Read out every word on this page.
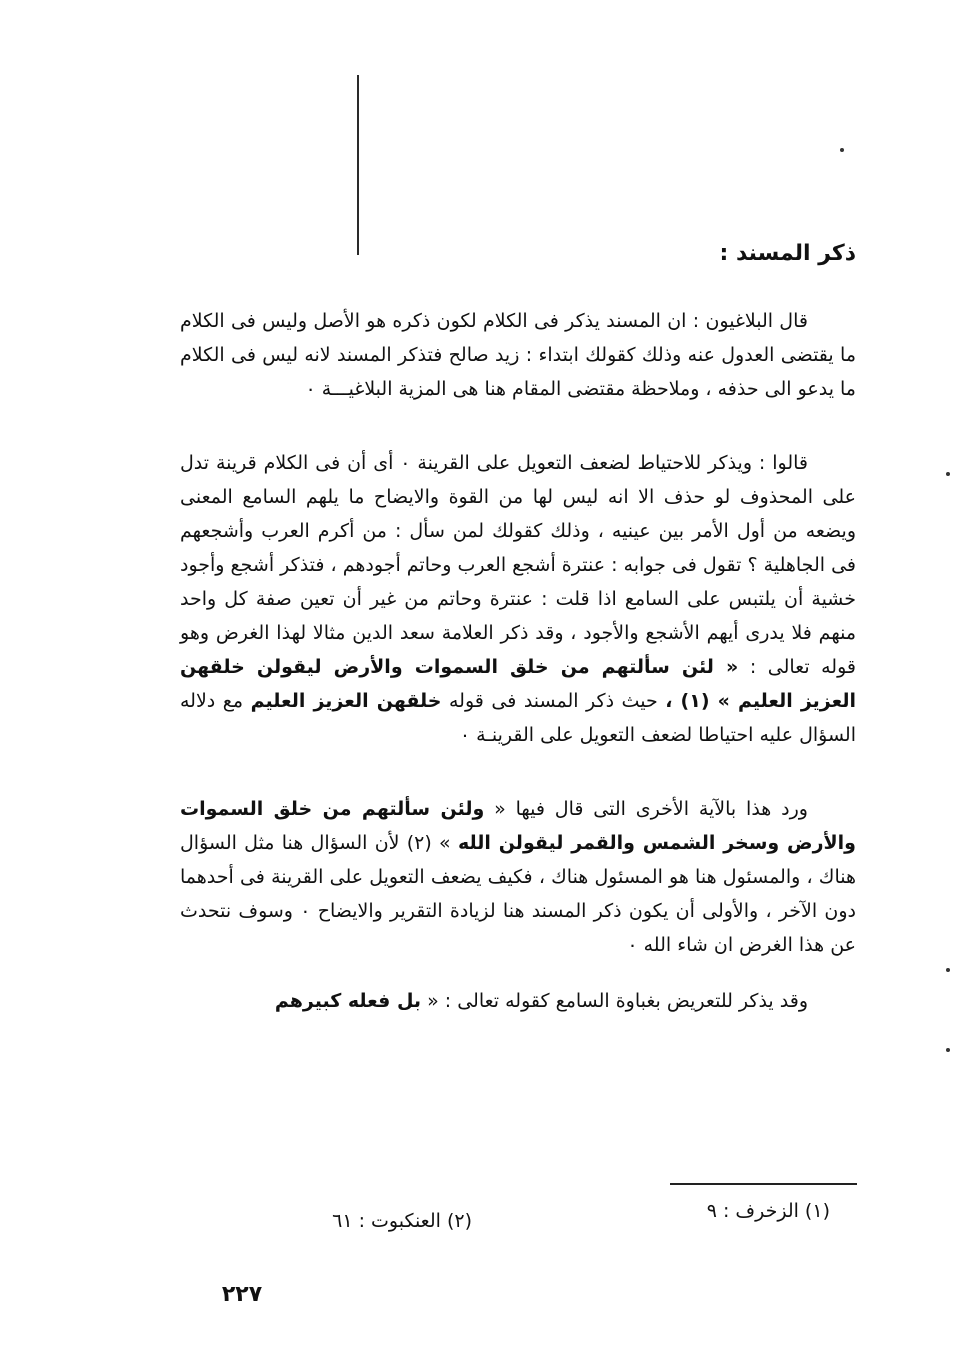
ذكر المسند :

قال البلاغيون : ان المسند يذكر فى الكلام لكون ذكره هو الأصل وليس فى الكلام ما يقتضى العدول عنه وذلك كقولك ابتداء : زيد صالح فتذكر المسند لانه ليس فى الكلام ما يدعو الى حذفه ، وملاحظة مقتضى المقام هنا هى المزية البلاغيـــة ٠

قالوا : ويذكر للاحتياط لضعف التعويل على القرينة ٠ أى أن فى الكلام قرينة تدل على المحذوف لو حذف الا انه ليس لها من القوة والايضاح ما يلهم السامع المعنى ويضعه من أول الأمر بين عينيه ، وذلك كقولك لمن سأل : من أكرم العرب وأشجعهم فى الجاهلية ؟ تقول فى جوابه : عنترة أشجع العرب وحاتم أجودهم ، فتذكر أشجع وأجود خشية أن يلتبس على السامع اذا قلت : عنترة وحاتم من غير أن تعين صفة كل واحد منهم فلا يدرى أيهم الأشجع والأجود ، وقد ذكر العلامة سعد الدين مثالا لهذا الغرض وهو قوله تعالى : « لئن سألتهم من خلق السموات والأرض ليقولن خلقهن العزيز العليم » (١) ، حيث ذكر المسند فى قوله خلقهن العزيز العليم مع دلاله السؤال عليه احتياطا لضعف التعويل على القرينـة ٠

ورد هذا بالآية الأخرى التى قال فيها « ولئن سألتهم من خلق السموات والأرض وسخر الشمس والقمر ليقولن الله » (٢) لأن السؤال هنا مثل السؤال هناك ، والمسئول هنا هو المسئول هناك ، فكيف يضعف التعويل على القرينة فى أحدهما دون الآخر ، والأولى أن يكون ذكر المسند هنا لزيادة التقرير والايضاح ٠ وسوف نتحدث عن هذا الغرض ان شاء الله ٠

وقد يذكر للتعريض بغباوة السامع كقوله تعالى : « بل فعله كبيرهم

(١) الزخرف : ٩
(٢) العنكبوت : ٦١
٢٢٧
